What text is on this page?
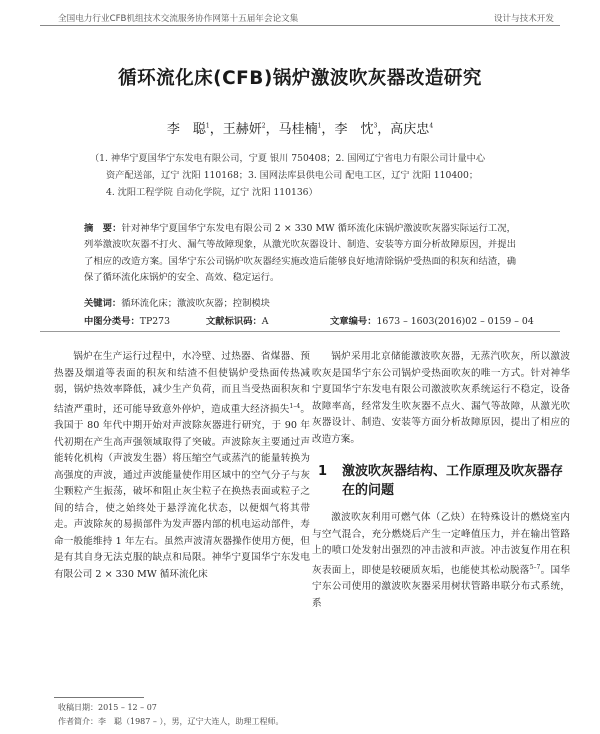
全国电力行业CFB机组技术交流服务协作网第十五届年会论文集	设计与技术开发
循环流化床(CFB)锅炉激波吹灰器改造研究
李　聪$^1$，王赫妍$^2$，马桂楠$^1$，李　忱$^3$，高庆忠$^4$
（1. 神华宁夏国华宁东发电有限公司，宁夏 银川 750408；2. 国网辽宁省电力有限公司计量中心
资产配送部，辽宁 沈阳 110168；3. 国网法库县供电公司 配电工区，辽宁 沈阳 110400；
4. 沈阳工程学院 自动化学院，辽宁 沈阳 110136）
摘　要：针对神华宁夏国华宁东发电有限公司 2 × 330 MW 循环流化床锅炉激波吹灰器实际运行工况，列举激波吹灰器不打火、漏气等故障现象，从激光吹灰器设计、制造、安装等方面分析故障原因，并提出了相应的改造方案。国华宁东公司锅炉吹灰器经实施改造后能够良好地清除锅炉受热面的积灰和结渣，确保了循环流化床锅炉的安全、高效、稳定运行。
关键词：循环流化床；激波吹灰器；控制模块
中图分类号：TP273	文献标识码：A	文章编号：1673 – 1603(2016)02 – 0159 – 04

锅炉在生产运行过程中，水冷壁、过热器、省煤器、预热器及烟道等表面的积灰和结渣不但使锅炉受热面传热减弱，锅炉热效率降低，减少生产负荷，而且当受热面积灰和结渣严重时，还可能导致意外停炉，造成重大经济损失$^{1-4}$。我国于 80 年代中期开始对声波除灰器进行研究，于 90 年代初期在产生高声强领域取得了突破。声波除灰主要通过声能转化机构（声波发生器）将压缩空气或蒸汽的能量转换为高强度的声波，通过声波能量使作用区域中的空气分子与灰尘颗粒产生振荡，破坏和阻止灰尘粒子在换热表面或粒子之间的结合，使之始终处于悬浮流化状态，以便烟气将其带走。声波除灰的易损部件为发声器内部的机电运动部件，寿命一般能维持 1 年左右。虽然声波清灰器操作使用方便，但是有其自身无法克服的缺点和局限。神华宁夏国华宁东发电有限公司 2 × 330 MW 循环流化床

锅炉采用北京储能激波吹灰器，无蒸汽吹灰，所以激波吹灰是国华宁东公司锅炉受热面吹灰的唯一方式。针对神华宁夏国华宁东发电有限公司激波吹灰系统运行不稳定，设备故障率高，经常发生吹灰器不点火、漏气等故障，从激光吹灰器设计、制造、安装等方面分析故障原因，提出了相应的改造方案。

1 激波吹灰器结构、工作原理及吹灰器存在的问题

激波吹灰利用可燃气体（乙炔）在特殊设计的燃烧室内与空气混合，充分燃烧后产生一定峰值压力，并在输出管路上的喷口处发射出强烈的冲击波和声波。冲击波复作用在积灰表面上，即使是较硬质灰垢，也能使其松动脱落$^{5-7}$。国华宁东公司使用的激波吹灰器采用树状管路串联分布式系统，系

收稿日期：2015 – 12 – 07
作者简介：李　聪（1987 – ），男，辽宁大连人，助理工程师。
